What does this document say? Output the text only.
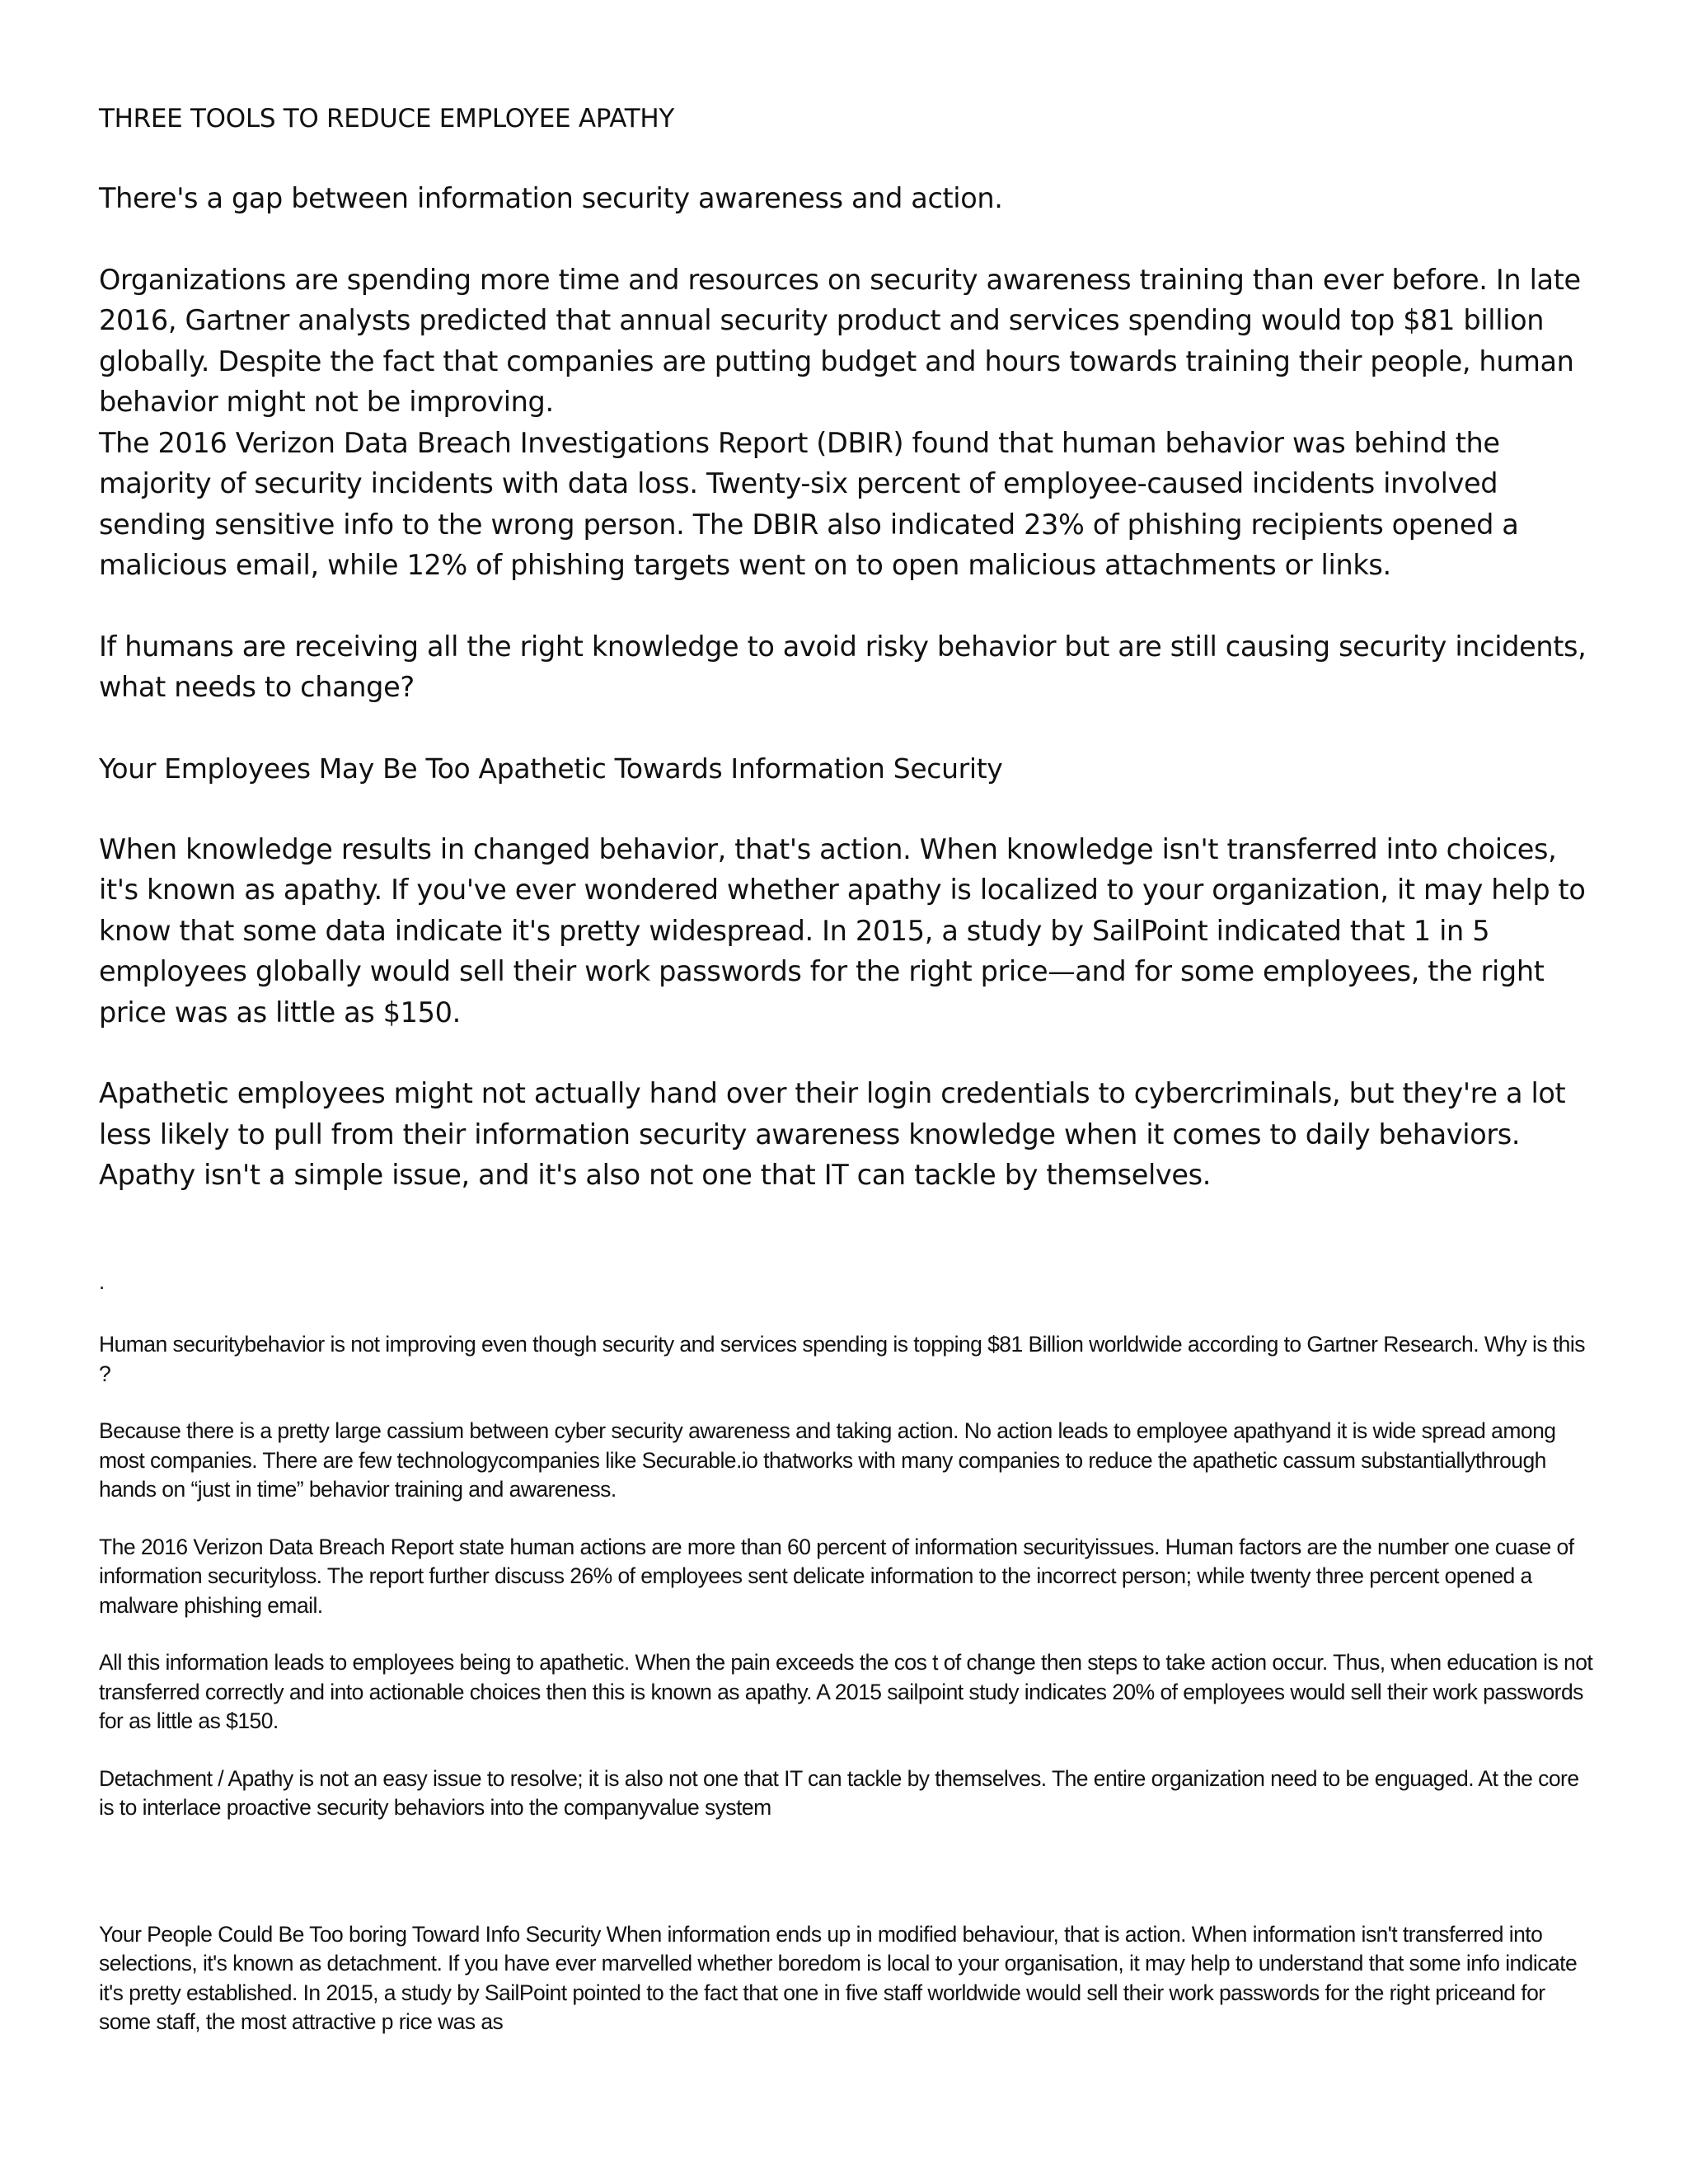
THREE TOOLS TO REDUCE EMPLOYEE APATHY

There's a gap between information security awareness and action.

Organizations are spending more time and resources on security awareness training than ever before. In late 2016, Gartner analysts predicted that annual security product and services spending would top $81 billion globally. Despite the fact that companies are putting budget and hours towards training their people, human behavior might not be improving.

The 2016 Verizon Data Breach Investigations Report (DBIR) found that human behavior was behind the majority of security incidents with data loss. Twenty-six percent of employee-caused incidents involved sending sensitive info to the wrong person. The DBIR also indicated 23% of phishing recipients opened a malicious email, while 12% of phishing targets went on to open malicious attachments or links.

If humans are receiving all the right knowledge to avoid risky behavior but are still causing security incidents, what needs to change?

Your Employees May Be Too Apathetic Towards Information Security

When knowledge results in changed behavior, that's action. When knowledge isn't transferred into choices, it's known as apathy. If you've ever wondered whether apathy is localized to your organization, it may help to know that some data indicate it's pretty widespread. In 2015, a study by SailPoint indicated that 1 in 5 employees globally would sell their work passwords for the right price—and for some employees, the right price was as little as $150.

Apathetic employees might not actually hand over their login credentials to cybercriminals, but they're a lot less likely to pull from their information security awareness knowledge when it comes to daily behaviors. Apathy isn't a simple issue, and it's also not one that IT can tackle by themselves.

.

Human securitybehavior is not improving even though security and services spending is topping $81 Billion worldwide according to Gartner Research. Why is this ?

Because there is a pretty large cassium between cyber security awareness and taking action. No action leads to employee apathyand it is wide spread among most companies. There are few technologycompanies like Securable.io thatworks with many companies to reduce the apathetic cassum substantiallythrough hands on “just in time” behavior training and awareness.

The 2016 Verizon Data Breach Report state human actions are more than 60 percent of information securityissues. Human factors are the number one cuase of information securityloss. The report further discuss 26% of employees sent delicate information to the incorrect person; while twenty three percent opened a malware phishing email.

All this information leads to employees being to apathetic. When the pain exceeds the cos t of change then steps to take action occur. Thus, when education is not transferred correctly and into actionable choices then this is known as apathy. A 2015 sailpoint study indicates 20% of employees would sell their work passwords for as little as $150.

Detachment / Apathy is not an easy issue to resolve; it is also not one that IT can tackle by themselves. The entire organization need to be enguaged. At the core is to interlace proactive security behaviors into the companyvalue system

Your People Could Be Too boring Toward Info Security When information ends up in modified behaviour, that is action. When information isn't transferred into selections, it's known as detachment. If you have ever marvelled whether boredom is local to your organisation, it may help to understand that some info indicate it's pretty established. In 2015, a study by SailPoint pointed to the fact that one in five staff worldwide would sell their work passwords for the right priceand for some staff, the most attractive p rice was as
